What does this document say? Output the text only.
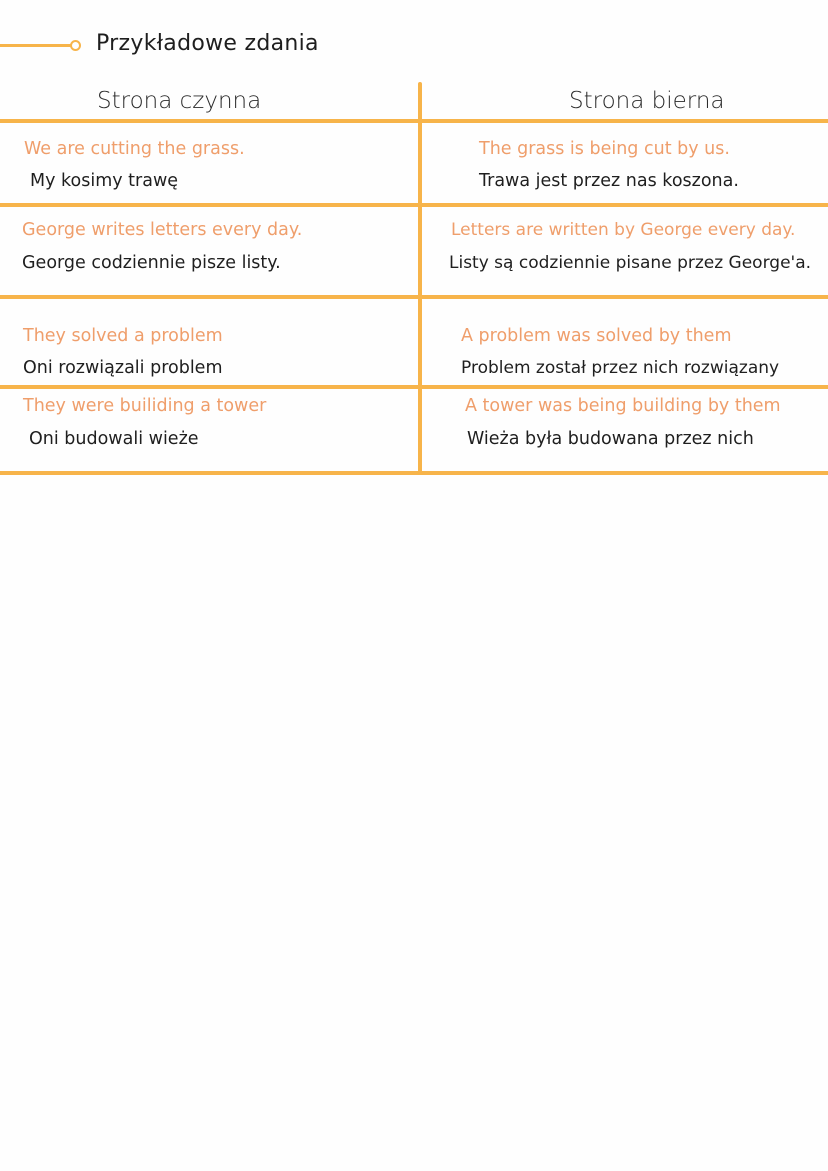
Przykładowe zdania
Strona czynna	Strona bierna
We are cutting the grass.
My kosimy trawę
The grass is being cut by us.
Trawa jest przez nas koszona.
George writes letters every day.
George codziennie pisze listy.
Letters are written by George every day.
Listy są codziennie pisane przez George'a.
They solved a problem
Oni rozwiązali problem
A problem was solved by them
Problem został przez nich rozwiązany
They were builiding a tower
Oni budowali wieże
A tower was being building by them
Wieża była budowana przez nich
